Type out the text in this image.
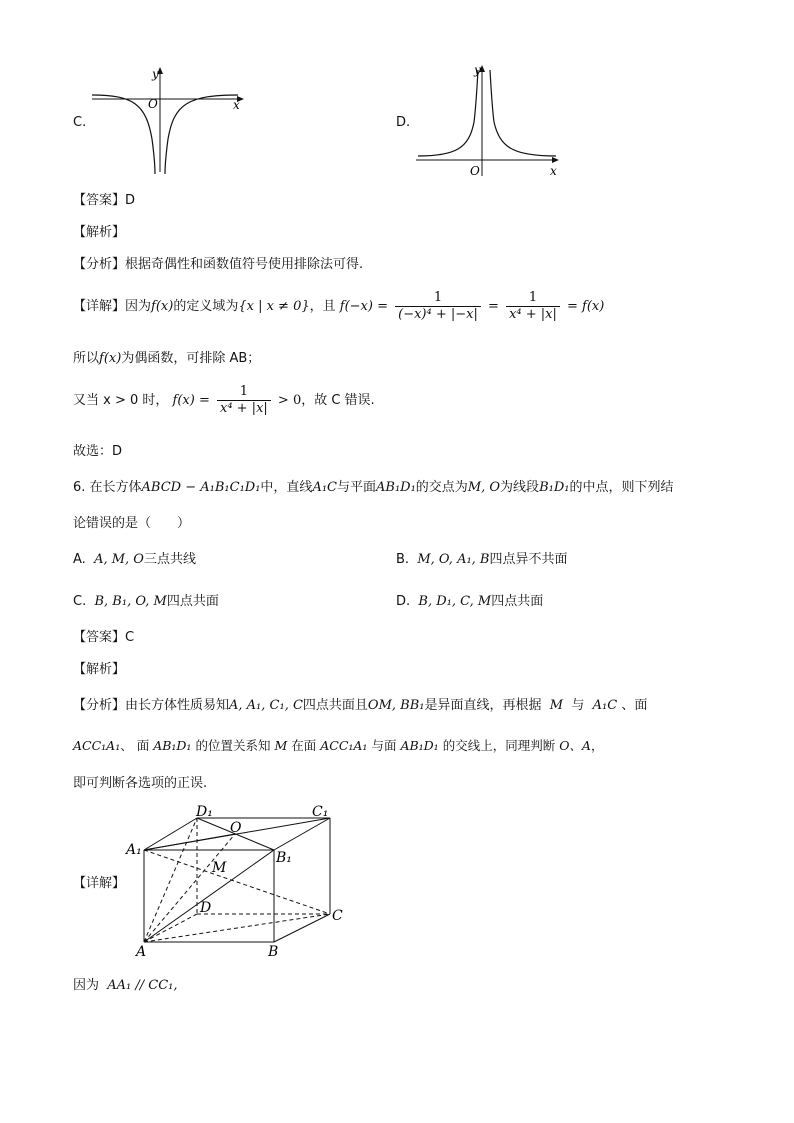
C.
y
O	x
D.
y
O	x
【答案】D
【解析】
【分析】根据奇偶性和函数值符号使用排除法可得.
【详解】因为f(x)的定义域为{x | x ≠ 0}，且 $f(-x) = \frac{1}{\text{(−x)⁴ + |−x|}} = \frac{1}{\text{x⁴ + |x|}} = f(x)$
所以f(x)为偶函数，可排除 AB；
又当 x > 0 时， $f(x) = \frac{1}{\text{x⁴ + |x|}} > 0$，故 C 错误.
故选：D
6. 在长方体ABCD − A₁B₁C₁D₁中，直线A₁C与平面AB₁D₁的交点为M, O为线段B₁D₁的中点，则下列结
论错误的是（　　）
A. A, M, O三点共线	B. M, O, A₁, B四点异不共面
C. B, B₁, O, M四点共面	D. B, D₁, C, M四点共面
【答案】C
【解析】
【分析】由长方体性质易知A, A₁, C₁, C四点共面且OM, BB₁是异面直线，再根据 M 与 A₁C 、面
ACC₁A₁、 面 AB₁D₁ 的位置关系知 M 在面 ACC₁A₁ 与面 AB₁D₁ 的交线上，同理判断 O、A，
即可判断各选项的正误.
【详解】
D₁
O
C₁
A₁	B₁
M
D	C
A	B
因为 AA₁ // CC₁,
